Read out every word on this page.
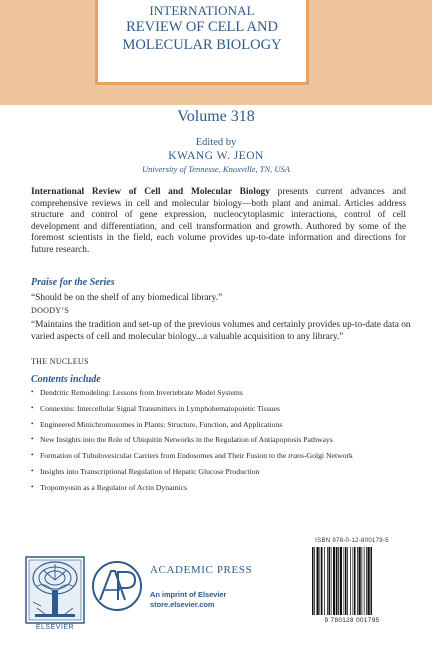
INTERNATIONAL
REVIEW OF CELL AND
MOLECULAR BIOLOGY
Volume 318
Edited by
KWANG W. JEON
University of Tennesse, Knoxville, TN, USA
International Review of Cell and Molecular Biology presents current advances and comprehensive reviews in cell and molecular biology—both plant and animal. Articles address structure and control of gene expression, nucleocytoplasmic interactions, control of cell development and differentiation, and cell transformation and growth. Authored by some of the foremost scientists in the field, each volume provides up-to-date information and directions for future research.
Praise for the Series
“Should be on the shelf of any biomedical library.”
DOODY’S
“Maintains the tradition and set-up of the previous volumes and certainly provides up-to-date data on varied aspects of cell and molecular biology...a valuable acquisition to any library.”
THE NUCLEUS
Contents include
• Dendritic Remodeling: Lessons from Invertebrate Model Systems
• Connexins: Intercellular Signal Transmitters in Lymphohematopoietic Tissues
• Engineered Minichromosomes in Plants: Structure, Function, and Applications
• New Insights into the Role of Ubiquitin Networks in the Regulation of Antiapoptosis Pathways
• Formation of Tubulovesicular Carriers from Endosomes and Their Fusion to the trans-Golgi Network
• Insights into Transcriptional Regulation of Hepatic Glucose Production
• Tropomyosin as a Regulator of Actin Dynamics
ELSEVIER
ACADEMIC PRESS
An imprint of Elsevier
store.elsevier.com
ISBN 978-0-12-800179-5
9 780128 001795
